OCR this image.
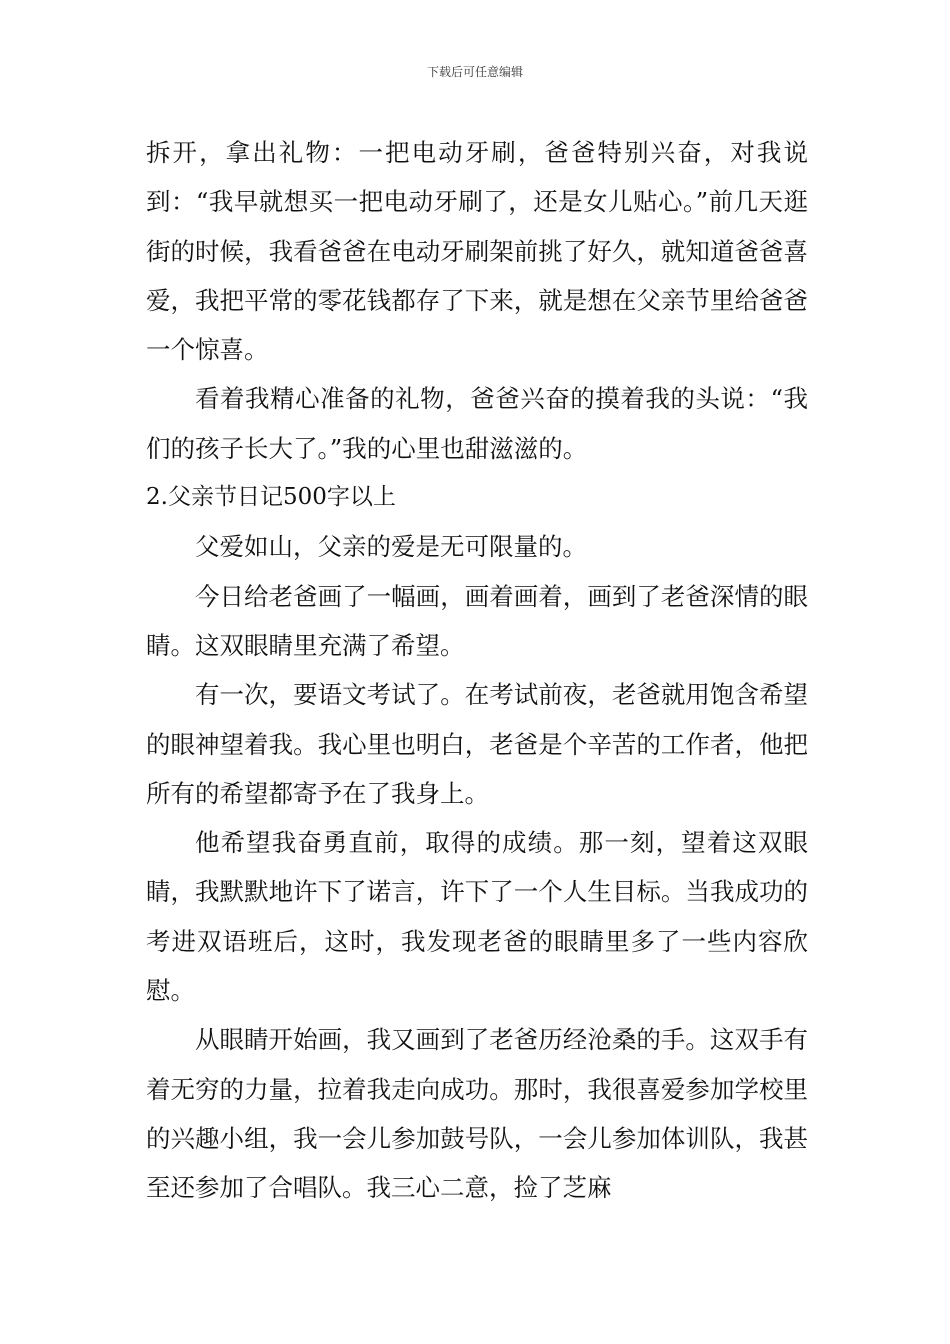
下载后可任意编辑

拆开，拿出礼物：一把电动牙刷，爸爸特别兴奋，对我说到：“我早就想买一把电动牙刷了，还是女儿贴心。”前几天逛街的时候，我看爸爸在电动牙刷架前挑了好久，就知道爸爸喜爱，我把平常的零花钱都存了下来，就是想在父亲节里给爸爸一个惊喜。

看着我精心准备的礼物，爸爸兴奋的摸着我的头说：“我们的孩子长大了。”我的心里也甜滋滋的。

2.父亲节日记500字以上

父爱如山，父亲的爱是无可限量的。

今日给老爸画了一幅画，画着画着，画到了老爸深情的眼睛。这双眼睛里充满了希望。

有一次，要语文考试了。在考试前夜，老爸就用饱含希望的眼神望着我。我心里也明白，老爸是个辛苦的工作者，他把所有的希望都寄予在了我身上。

他希望我奋勇直前，取得的成绩。那一刻，望着这双眼睛，我默默地许下了诺言，许下了一个人生目标。当我成功的考进双语班后，这时，我发现老爸的眼睛里多了一些内容欣慰。

从眼睛开始画，我又画到了老爸历经沧桑的手。这双手有着无穷的力量，拉着我走向成功。那时，我很喜爱参加学校里的兴趣小组，我一会儿参加鼓号队，一会儿参加体训队，我甚至还参加了合唱队。我三心二意，捡了芝麻
